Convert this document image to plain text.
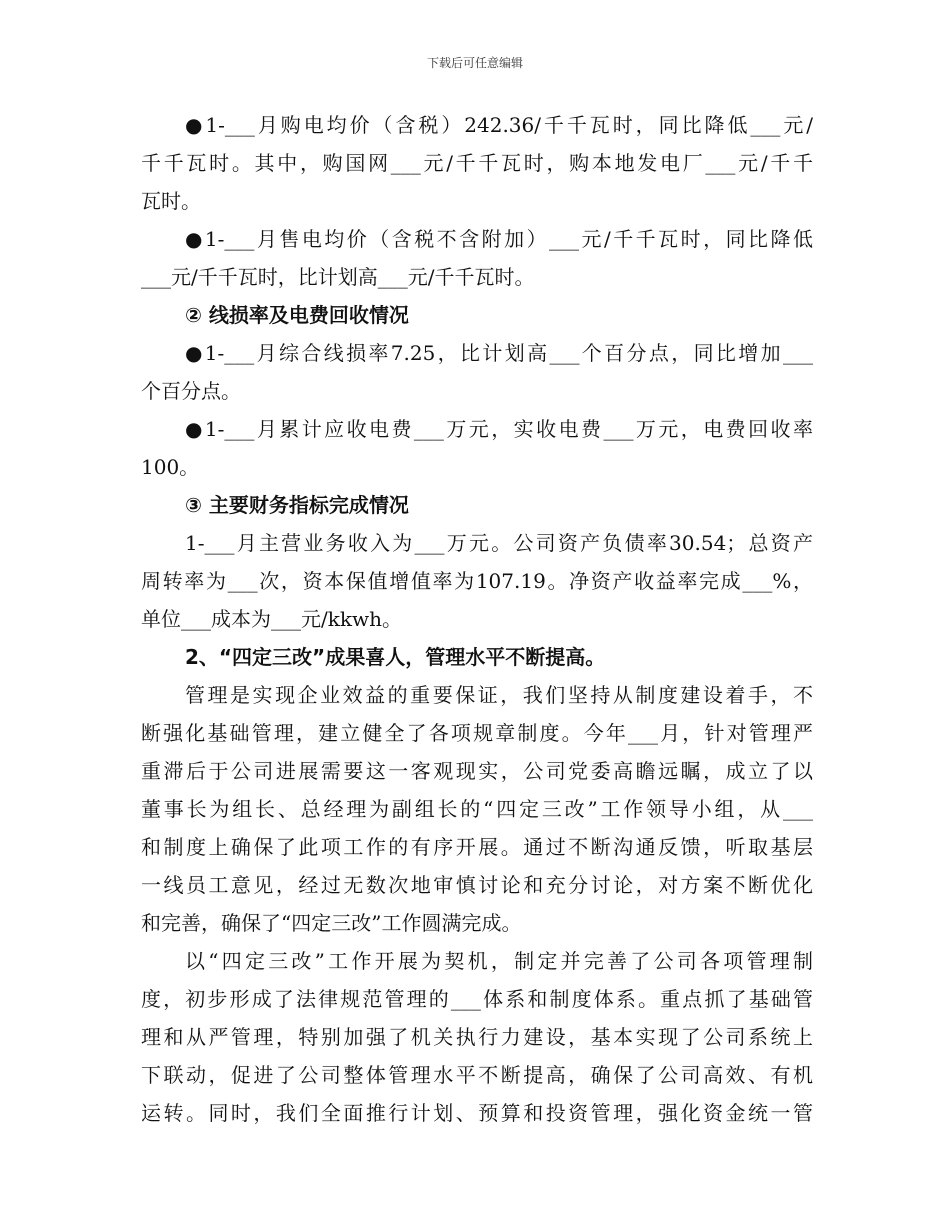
下载后可任意编辑
●1-___月购电均价（含税）242.36/千千瓦时，同比降低___元/
千千瓦时。其中，购国网___元/千千瓦时，购本地发电厂___元/千千
瓦时。
●1-___月售电均价（含税不含附加）___元/千千瓦时，同比降低
___元/千千瓦时，比计划高___元/千千瓦时。
② 线损率及电费回收情况
●1-___月综合线损率7.25，比计划高___个百分点，同比增加___
个百分点。
●1-___月累计应收电费___万元，实收电费___万元，电费回收率
100。
③ 主要财务指标完成情况
1-___月主营业务收入为___万元。公司资产负债率30.54；总资产
周转率为___次，资本保值增值率为107.19。净资产收益率完成___%，
单位___成本为___元/kkwh。
2、“四定三改”成果喜人，管理水平不断提高。
管理是实现企业效益的重要保证，我们坚持从制度建设着手，不
断强化基础管理，建立健全了各项规章制度。今年___月，针对管理严
重滞后于公司进展需要这一客观现实，公司党委高瞻远瞩，成立了以
董事长为组长、总经理为副组长的“四定三改”工作领导小组，从___
和制度上确保了此项工作的有序开展。通过不断沟通反馈，听取基层
一线员工意见，经过无数次地审慎讨论和充分讨论，对方案不断优化
和完善，确保了“四定三改”工作圆满完成。
以“四定三改”工作开展为契机，制定并完善了公司各项管理制
度，初步形成了法律规范管理的___体系和制度体系。重点抓了基础管
理和从严管理，特别加强了机关执行力建设，基本实现了公司系统上
下联动，促进了公司整体管理水平不断提高，确保了公司高效、有机
运转。同时，我们全面推行计划、预算和投资管理，强化资金统一管
